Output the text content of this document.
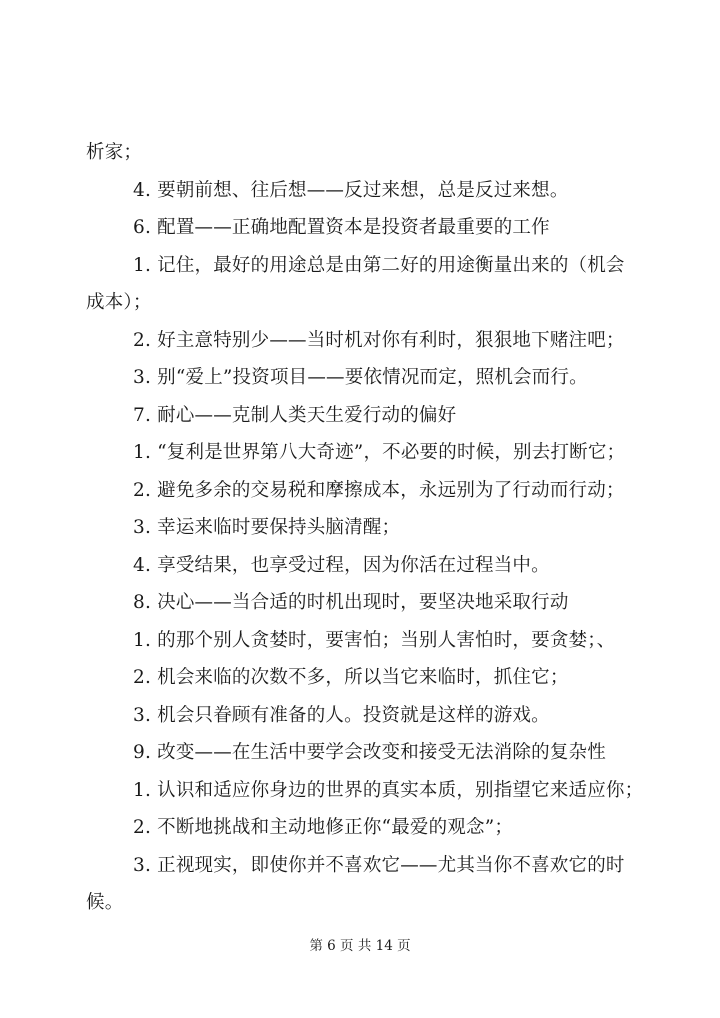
析家；

4. 要朝前想、往后想——反过来想，总是反过来想。

6. 配置——正确地配置资本是投资者最重要的工作

1. 记住，最好的用途总是由第二好的用途衡量出来的（机会成本）；

2. 好主意特别少——当时机对你有利时，狠狠地下赌注吧；

3. 别“爱上”投资项目——要依情况而定，照机会而行。

7. 耐心——克制人类天生爱行动的偏好

1. “复利是世界第八大奇迹”，不必要的时候，别去打断它；

2. 避免多余的交易税和摩擦成本，永远别为了行动而行动；

3. 幸运来临时要保持头脑清醒；

4. 享受结果，也享受过程，因为你活在过程当中。

8. 决心——当合适的时机出现时，要坚决地采取行动

1. 的那个别人贪婪时，要害怕；当别人害怕时，要贪婪；、

2. 机会来临的次数不多，所以当它来临时，抓住它；

3. 机会只眷顾有准备的人。投资就是这样的游戏。

9. 改变——在生活中要学会改变和接受无法消除的复杂性

1. 认识和适应你身边的世界的真实本质，别指望它来适应你；

2. 不断地挑战和主动地修正你“最爱的观念”；

3. 正视现实，即使你并不喜欢它——尤其当你不喜欢它的时候。

第 6 页 共 14 页
